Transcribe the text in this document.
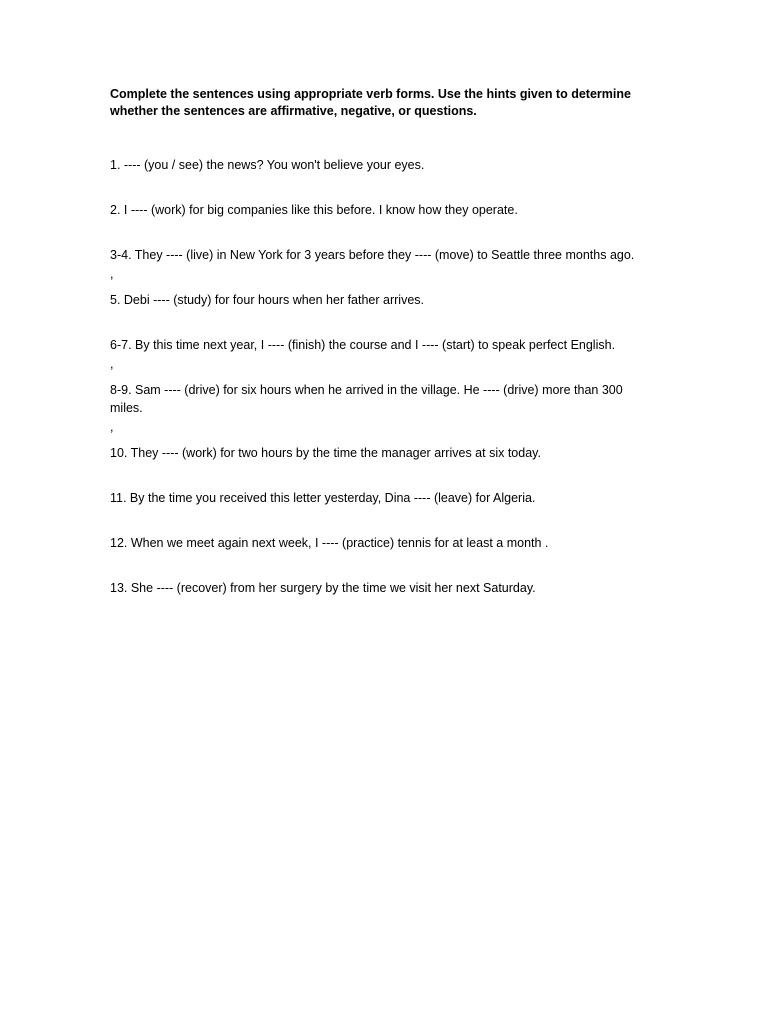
Complete the sentences using appropriate verb forms. Use the hints given to determine whether the sentences are affirmative, negative, or questions.

1. ---- (you / see) the news? You won't believe your eyes.

2. I ---- (work) for big companies like this before. I know how they operate.

3-4. They ---- (live) in New York for 3 years before they ---- (move) to Seattle three months ago.

,

5. Debi ---- (study) for four hours when her father arrives.

6-7. By this time next year, I ---- (finish) the course and I ---- (start) to speak perfect English.

,

8-9. Sam ---- (drive) for six hours when he arrived in the village. He ---- (drive) more than 300 miles.

,

10. They ---- (work) for two hours by the time the manager arrives at six today.

11. By the time you received this letter yesterday, Dina ---- (leave) for Algeria.

12. When we meet again next week, I ---- (practice) tennis for at least a month .

13. She ---- (recover) from her surgery by the time we visit her next Saturday.
